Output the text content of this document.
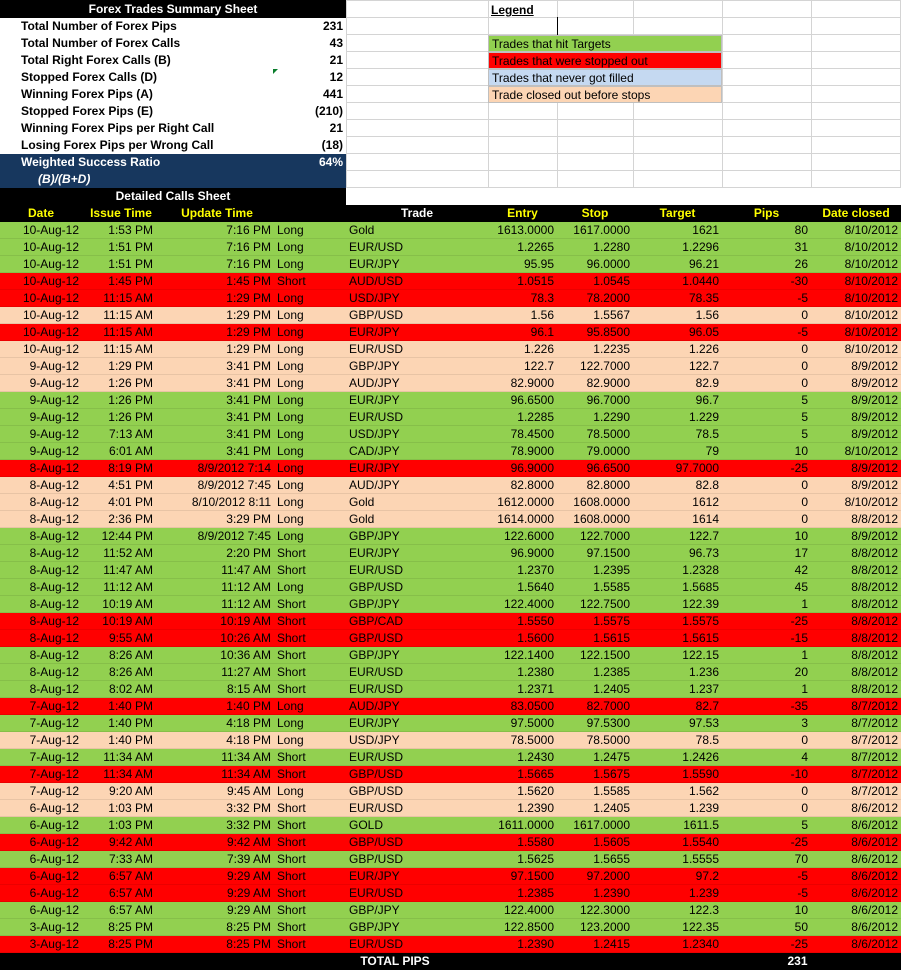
Forex Trades Summary Sheet
Total Number of Forex Pips	231
Total Number of Forex Calls	43
Total Right Forex Calls (B)	21
Stopped Forex Calls (D)	12
Winning Forex Pips (A)	441
Stopped Forex Pips (E)	(210)
Winning Forex Pips per Right Call	21
Losing Forex Pips per Wrong Call	(18)
Weighted Success Ratio	64%
(B)/(B+D)
Legend
Trades that hit Targets
Trades that were stopped out
Trades that never got filled
Trade closed out before stops
Detailed Calls Sheet
Date	Issue Time	Update Time	Trade	Entry	Stop	Target	Pips	Date closed
10-Aug-12	1:53 PM	7:16 PM Long	Gold	1613.0000	1617.0000	1621	80	8/10/2012
10-Aug-12	1:51 PM	7:16 PM Long	EUR/USD	1.2265	1.2280	1.2296	31	8/10/2012
10-Aug-12	1:51 PM	7:16 PM Long	EUR/JPY	95.95	96.0000	96.21	26	8/10/2012
10-Aug-12	1:45 PM	1:45 PM Short	AUD/USD	1.0515	1.0545	1.0440	-30	8/10/2012
10-Aug-12	11:15 AM	1:29 PM Long	USD/JPY	78.3	78.2000	78.35	-5	8/10/2012
10-Aug-12	11:15 AM	1:29 PM Long	GBP/USD	1.56	1.5567	1.56	0	8/10/2012
10-Aug-12	11:15 AM	1:29 PM Long	EUR/JPY	96.1	95.8500	96.05	-5	8/10/2012
10-Aug-12	11:15 AM	1:29 PM Long	EUR/USD	1.226	1.2235	1.226	0	8/10/2012
9-Aug-12	1:29 PM	3:41 PM Long	GBP/JPY	122.7	122.7000	122.7	0	8/9/2012
9-Aug-12	1:26 PM	3:41 PM Long	AUD/JPY	82.9000	82.9000	82.9	0	8/9/2012
9-Aug-12	1:26 PM	3:41 PM Long	EUR/JPY	96.6500	96.7000	96.7	5	8/9/2012
9-Aug-12	1:26 PM	3:41 PM Long	EUR/USD	1.2285	1.2290	1.229	5	8/9/2012
9-Aug-12	7:13 AM	3:41 PM Long	USD/JPY	78.4500	78.5000	78.5	5	8/9/2012
9-Aug-12	6:01 AM	3:41 PM Long	CAD/JPY	78.9000	79.0000	79	10	8/10/2012
8-Aug-12	8:19 PM	8/9/2012 7:14 Long	EUR/JPY	96.9000	96.6500	97.7000	-25	8/9/2012
8-Aug-12	4:51 PM	8/9/2012 7:45 Long	AUD/JPY	82.8000	82.8000	82.8	0	8/9/2012
8-Aug-12	4:01 PM	8/10/2012 8:11 Long	Gold	1612.0000	1608.0000	1612	0	8/10/2012
8-Aug-12	2:36 PM	3:29 PM Long	Gold	1614.0000	1608.0000	1614	0	8/8/2012
8-Aug-12	12:44 PM	8/9/2012 7:45 Long	GBP/JPY	122.6000	122.7000	122.7	10	8/9/2012
8-Aug-12	11:52 AM	2:20 PM Short	EUR/JPY	96.9000	97.1500	96.73	17	8/8/2012
8-Aug-12	11:47 AM	11:47 AM Short	EUR/USD	1.2370	1.2395	1.2328	42	8/8/2012
8-Aug-12	11:12 AM	11:12 AM Long	GBP/USD	1.5640	1.5585	1.5685	45	8/8/2012
8-Aug-12	10:19 AM	11:12 AM Short	GBP/JPY	122.4000	122.7500	122.39	1	8/8/2012
8-Aug-12	10:19 AM	10:19 AM Short	GBP/CAD	1.5550	1.5575	1.5575	-25	8/8/2012
8-Aug-12	9:55 AM	10:26 AM Short	GBP/USD	1.5600	1.5615	1.5615	-15	8/8/2012
8-Aug-12	8:26 AM	10:36 AM Short	GBP/JPY	122.1400	122.1500	122.15	1	8/8/2012
8-Aug-12	8:26 AM	11:27 AM Short	EUR/USD	1.2380	1.2385	1.236	20	8/8/2012
8-Aug-12	8:02 AM	8:15 AM Short	EUR/USD	1.2371	1.2405	1.237	1	8/8/2012
7-Aug-12	1:40 PM	1:40 PM Long	AUD/JPY	83.0500	82.7000	82.7	-35	8/7/2012
7-Aug-12	1:40 PM	4:18 PM Long	EUR/JPY	97.5000	97.5300	97.53	3	8/7/2012
7-Aug-12	1:40 PM	4:18 PM Long	USD/JPY	78.5000	78.5000	78.5	0	8/7/2012
7-Aug-12	11:34 AM	11:34 AM Short	EUR/USD	1.2430	1.2475	1.2426	4	8/7/2012
7-Aug-12	11:34 AM	11:34 AM Short	GBP/USD	1.5665	1.5675	1.5590	-10	8/7/2012
7-Aug-12	9:20 AM	9:45 AM Long	GBP/USD	1.5620	1.5585	1.562	0	8/7/2012
6-Aug-12	1:03 PM	3:32 PM Short	EUR/USD	1.2390	1.2405	1.239	0	8/6/2012
6-Aug-12	1:03 PM	3:32 PM Short	GOLD	1611.0000	1617.0000	1611.5	5	8/6/2012
6-Aug-12	9:42 AM	9:42 AM Short	GBP/USD	1.5580	1.5605	1.5540	-25	8/6/2012
6-Aug-12	7:33 AM	7:39 AM Short	GBP/USD	1.5625	1.5655	1.5555	70	8/6/2012
6-Aug-12	6:57 AM	9:29 AM Short	EUR/JPY	97.1500	97.2000	97.2	-5	8/6/2012
6-Aug-12	6:57 AM	9:29 AM Short	EUR/USD	1.2385	1.2390	1.239	-5	8/6/2012
6-Aug-12	6:57 AM	9:29 AM Short	GBP/JPY	122.4000	122.3000	122.3	10	8/6/2012
3-Aug-12	8:25 PM	8:25 PM Short	GBP/JPY	122.8500	123.2000	122.35	50	8/6/2012
3-Aug-12	8:25 PM	8:25 PM Short	EUR/USD	1.2390	1.2415	1.2340	-25	8/6/2012
TOTAL PIPS	231
